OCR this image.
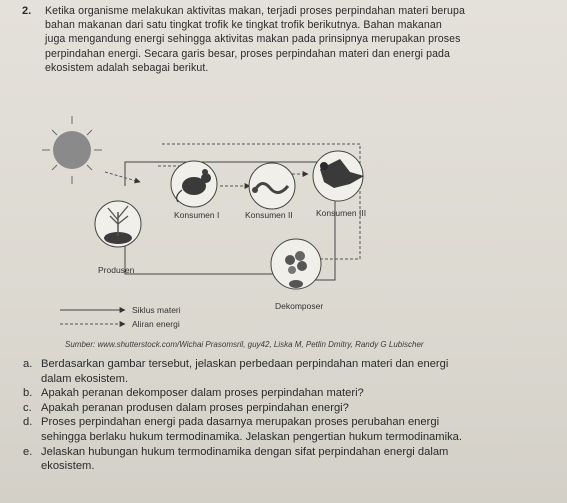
2. Ketika organisme melakukan aktivitas makan, terjadi proses perpindahan materi berupa
bahan makanan dari satu tingkat trofik ke tingkat trofik berikutnya. Bahan makanan
juga mengandung energi sehingga aktivitas makan pada prinsipnya merupakan proses
perpindahan energi. Secara garis besar, proses perpindahan materi dan energi pada
ekosistem adalah sebagai berikut.
Konsumen I	Konsumen II	Konsumen III
Produsen
Dekomposer
Siklus materi
Aliran energi
Sumber: www.shutterstock.com/Wichai Prasomsril, guy42, Liska M, Petlin Dmitry, Randy G Lubischer
a. Berdasarkan gambar tersebut, jelaskan perbedaan perpindahan materi dan energi
dalam ekosistem.
b. Apakah peranan dekomposer dalam proses perpindahan materi?
c. Apakah peranan produsen dalam proses perpindahan energi?
d. Proses perpindahan energi pada dasarnya merupakan proses perubahan energi
sehingga berlaku hukum termodinamika. Jelaskan pengertian hukum termodinamika.
e. Jelaskan hubungan hukum termodinamika dengan sifat perpindahan energi dalam
ekosistem.
